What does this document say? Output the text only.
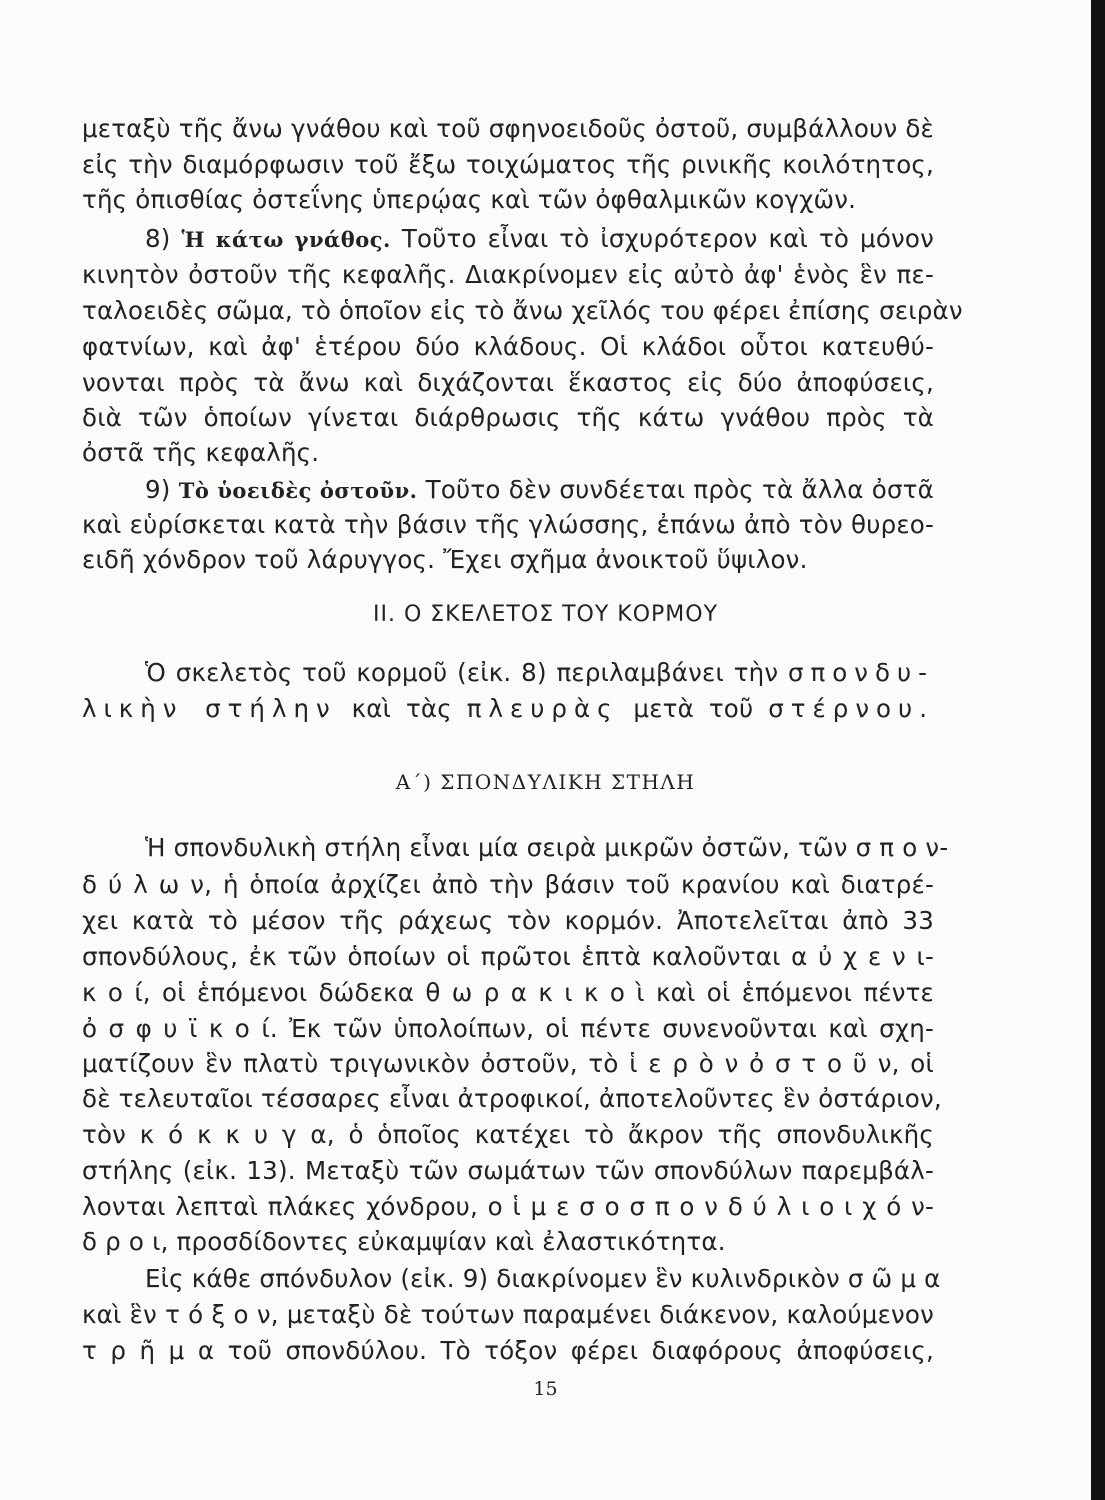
μεταξὺ τῆς ἄνω γνάθου καὶ τοῦ σφηνοειδοῦς ὀστοῦ, συμβάλλουν δὲ
εἰς τὴν διαμόρφωσιν τοῦ ἔξω τοιχώματος τῆς ρινικῆς κοιλότητος,
τῆς ὀπισθίας ὀστεΐνης ὑπερῴας καὶ τῶν ὀφθαλμικῶν κογχῶν.
8) Ἡ κάτω γνάθος. Τοῦτο εἶναι τὸ ἰσχυρότερον καὶ τὸ μόνον
κινητὸν ὀστοῦν τῆς κεφαλῆς. Διακρίνομεν εἰς αὐτὸ ἀφ' ἑνὸς ἓν πε-
ταλοειδὲς σῶμα, τὸ ὁποῖον εἰς τὸ ἄνω χεῖλός του φέρει ἐπίσης σειρὰν
φατνίων, καὶ ἀφ' ἑτέρου δύο κλάδους. Οἱ κλάδοι οὗτοι κατευθύ-
νονται πρὸς τὰ ἄνω καὶ διχάζονται ἕκαστος εἰς δύο ἀποφύσεις,
διὰ τῶν ὁποίων γίνεται διάρθρωσις τῆς κάτω γνάθου πρὸς τὰ
ὀστᾶ τῆς κεφαλῆς.
9) Τὸ ὑοειδὲς ὀστοῦν. Τοῦτο δὲν συνδέεται πρὸς τὰ ἄλλα ὀστᾶ
καὶ εὑρίσκεται κατὰ τὴν βάσιν τῆς γλώσσης, ἐπάνω ἀπὸ τὸν θυρεο-
ειδῆ χόνδρον τοῦ λάρυγγος. Ἔχει σχῆμα ἀνοικτοῦ ὕψιλον.
ΙΙ. Ο ΣΚΕΛΕΤΟΣ ΤΟΥ ΚΟΡΜΟΥ
Ὁ σκελετὸς τοῦ κορμοῦ (εἰκ. 8) περιλαμβάνει τὴν σπονδυ-
λικὴν στήλην καὶ τὰς πλευρὰς μετὰ τοῦ στέρνου.
Α΄) ΣΠΟΝΔΥΛΙΚΗ ΣΤΗΛΗ
Ἡ σπονδυλικὴ στήλη εἶναι μία σειρὰ μικρῶν ὀστῶν, τῶν σ π ο ν-
δ ύ λ ω ν, ἡ ὁποία ἀρχίζει ἀπὸ τὴν βάσιν τοῦ κρανίου καὶ διατρέ-
χει κατὰ τὸ μέσον τῆς ράχεως τὸν κορμόν. Ἀποτελεῖται ἀπὸ 33
σπονδύλους, ἐκ τῶν ὁποίων οἱ πρῶτοι ἑπτὰ καλοῦνται α ὐ χ ε ν ι-
κ ο ί, οἱ ἑπόμενοι δώδεκα θ ω ρ α κ ι κ ο ὶ καὶ οἱ ἑπόμενοι πέντε
ὀ σ φ υ ϊ κ ο ί. Ἐκ τῶν ὑπολοίπων, οἱ πέντε συνενοῦνται καὶ σχη-
ματίζουν ἓν πλατὺ τριγωνικὸν ὀστοῦν, τὸ ἱ ε ρ ὸ ν ὀ σ τ ο ῦ ν, οἱ
δὲ τελευταῖοι τέσσαρες εἶναι ἀτροφικοί, ἀποτελοῦντες ἓν ὀστάριον,
τὸν κ ό κ κ υ γ α, ὁ ὁποῖος κατέχει τὸ ἄκρον τῆς σπονδυλικῆς
στήλης (εἰκ. 13). Μεταξὺ τῶν σωμάτων τῶν σπονδύλων παρεμβάλ-
λονται λεπταὶ πλάκες χόνδρου, ο ἱ μ ε σ ο σ π ο ν δ ύ λ ι ο ι χ ό ν-
δ ρ ο ι, προσδίδοντες εὐκαμψίαν καὶ ἐλαστικότητα.
Εἰς κάθε σπόνδυλον (εἰκ. 9) διακρίνομεν ἓν κυλινδρικὸν σ ῶ μ α
καὶ ἓν τ ό ξ ο ν, μεταξὺ δὲ τούτων παραμένει διάκενον, καλούμενον
τ ρ ῆ μ α τοῦ σπονδύλου. Τὸ τόξον φέρει διαφόρους ἀποφύσεις,
15
